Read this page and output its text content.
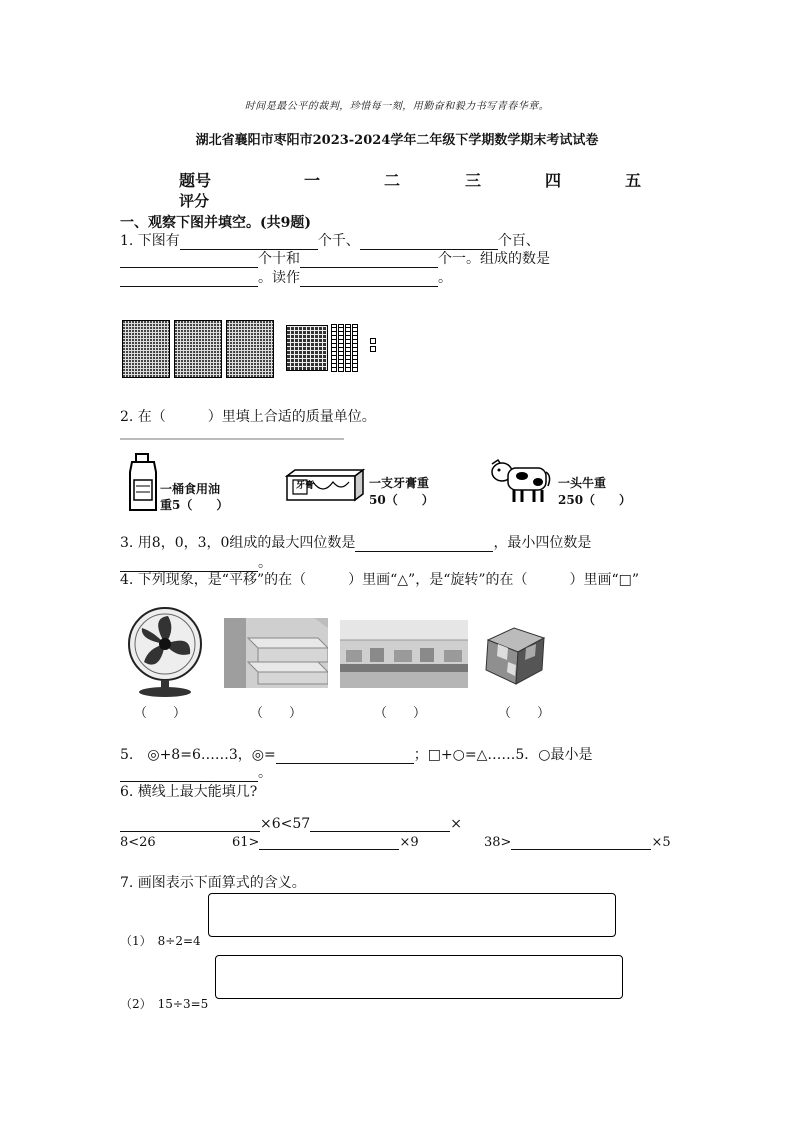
时间是最公平的裁判，珍惜每一刻，用勤奋和毅力书写青春华章。
湖北省襄阳市枣阳市2023-2024学年二年级下学期数学期末考试试卷
题号	一	二	三	四	五
评分
一、观察下图并填空。(共9题)
1. 下图有	个千、	个百、
个十和	个一。组成的数是
。读作	。
2. 在（　　　）里填上合适的质量单位。
一桶食用油
重5（　　）
牙膏	一支牙膏重
50（　　）
一头牛重
250（　　）
3. 用8，0，3，0组成的最大四位数是	，最小四位数是
。
4. 下列现象，是“平移”的在（　　　）里画“△”，是“旋转”的在（　　　）里画“□”
（　　）	（　　）	（　　）	（　　）
5.　◎+8=6……3，◎=	；□+○=△……5．○最小是
。
6. 横线上最大能填几?
×6<57	×
8<26	61>	×9	38>	×5
7. 画图表示下面算式的含义。
（1）　8÷2=4
（2）　15÷3=5
